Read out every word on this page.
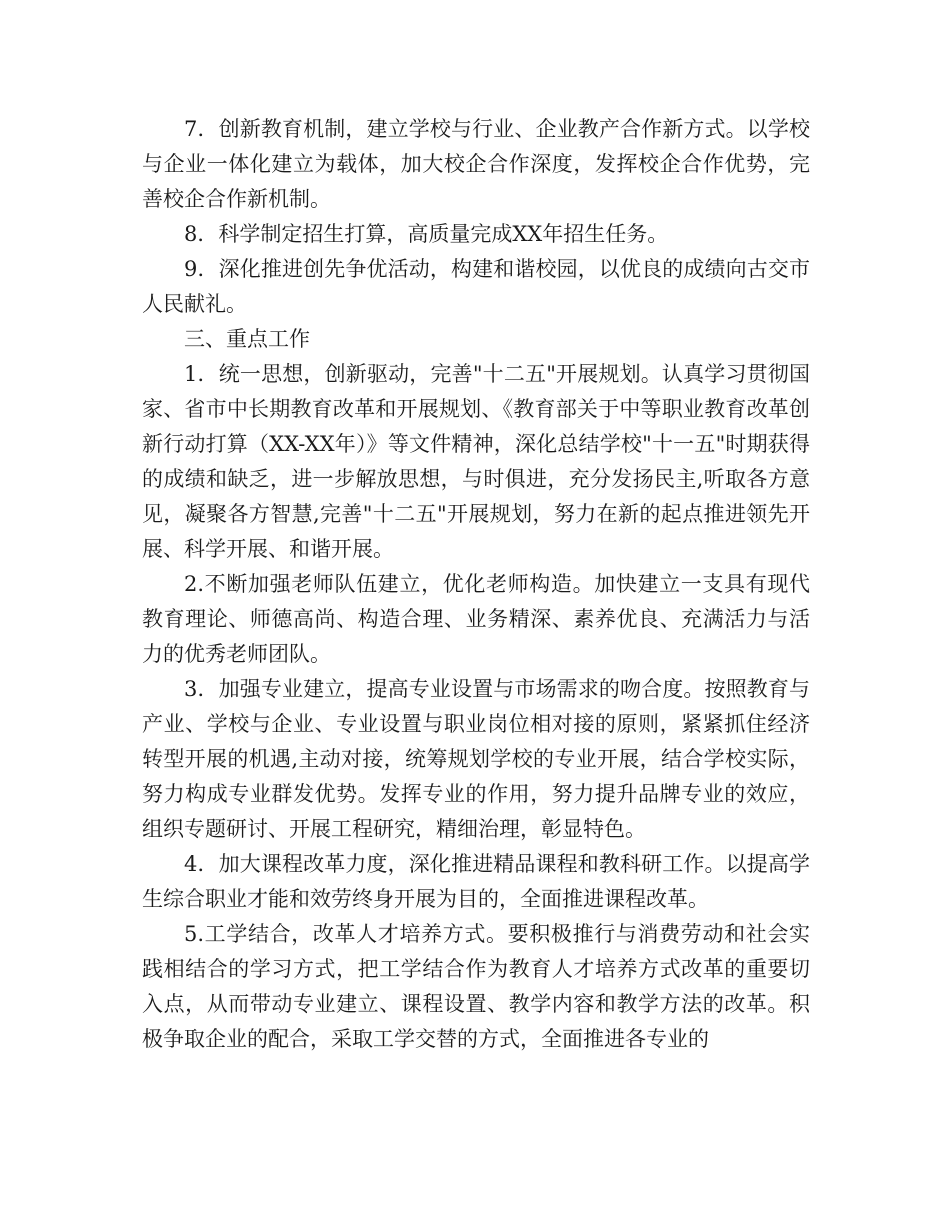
7．创新教育机制，建立学校与行业、企业教产合作新方式。以学校与企业一体化建立为载体，加大校企合作深度，发挥校企合作优势，完善校企合作新机制。

8．科学制定招生打算，高质量完成XX年招生任务。

9．深化推进创先争优活动，构建和谐校园，以优良的成绩向古交市人民献礼。

三、重点工作

1．统一思想，创新驱动，完善"十二五"开展规划。认真学习贯彻国家、省市中长期教育改革和开展规划、《教育部关于中等职业教育改革创新行动打算（XX-XX年）》等文件精神，深化总结学校"十一五"时期获得的成绩和缺乏，进一步解放思想，与时俱进，充分发扬民主,听取各方意见，凝聚各方智慧,完善"十二五"开展规划，努力在新的起点推进领先开展、科学开展、和谐开展。

2.不断加强老师队伍建立，优化老师构造。加快建立一支具有现代教育理论、师德高尚、构造合理、业务精深、素养优良、充满活力与活力的优秀老师团队。

3．加强专业建立，提高专业设置与市场需求的吻合度。按照教育与产业、学校与企业、专业设置与职业岗位相对接的原则，紧紧抓住经济转型开展的机遇,主动对接，统筹规划学校的专业开展，结合学校实际，努力构成专业群发优势。发挥专业的作用，努力提升品牌专业的效应，组织专题研讨、开展工程研究，精细治理，彰显特色。

4．加大课程改革力度，深化推进精品课程和教科研工作。以提高学生综合职业才能和效劳终身开展为目的，全面推进课程改革。

5.工学结合，改革人才培养方式。要积极推行与消费劳动和社会实践相结合的学习方式，把工学结合作为教育人才培养方式改革的重要切入点，从而带动专业建立、课程设置、教学内容和教学方法的改革。积极争取企业的配合，采取工学交替的方式，全面推进各专业的
